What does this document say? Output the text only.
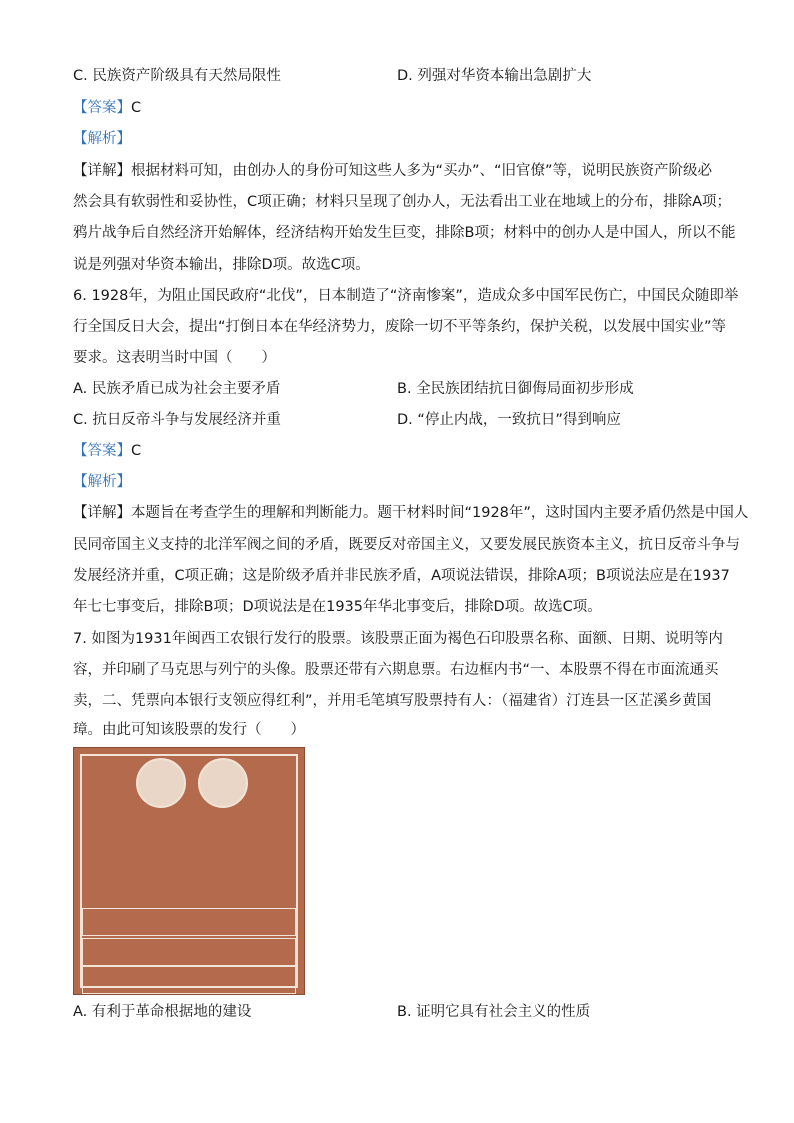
C. 民族资产阶级具有天然局限性	D. 列强对华资本输出急剧扩大
【答案】C
【解析】
【详解】根据材料可知，由创办人的身份可知这些人多为“买办”、“旧官僚”等，说明民族资产阶级必
然会具有软弱性和妥协性，C项正确；材料只呈现了创办人，无法看出工业在地域上的分布，排除A项；
鸦片战争后自然经济开始解体，经济结构开始发生巨变，排除B项；材料中的创办人是中国人，所以不能
说是列强对华资本输出，排除D项。故选C项。
6. 1928年，为阻止国民政府“北伐”，日本制造了“济南惨案”，造成众多中国军民伤亡，中国民众随即举
行全国反日大会，提出“打倒日本在华经济势力，废除一切不平等条约，保护关税，以发展中国实业”等
要求。这表明当时中国（　　）
A. 民族矛盾已成为社会主要矛盾	B. 全民族团结抗日御侮局面初步形成
C. 抗日反帝斗争与发展经济并重	D. “停止内战，一致抗日”得到响应
【答案】C
【解析】
【详解】本题旨在考查学生的理解和判断能力。题干材料时间“1928年”，这时国内主要矛盾仍然是中国人
民同帝国主义支持的北洋军阀之间的矛盾，既要反对帝国主义，又要发展民族资本主义，抗日反帝斗争与
发展经济并重，C项正确；这是阶级矛盾并非民族矛盾，A项说法错误，排除A项；B项说法应是在1937
年七七事变后，排除B项；D项说法是在1935年华北事变后，排除D项。故选C项。
7. 如图为1931年闽西工农银行发行的股票。该股票正面为褐色石印股票名称、面额、日期、说明等内
容，并印刷了马克思与列宁的头像。股票还带有六期息票。右边框内书“一、本股票不得在市面流通买
卖，二、凭票向本银行支领应得红利”，并用毛笔填写股票持有人：（福建省）汀连县一区芷溪乡黄国
璋。由此可知该股票的发行（　　）
A. 有利于革命根据地的建设	B. 证明它具有社会主义的性质
